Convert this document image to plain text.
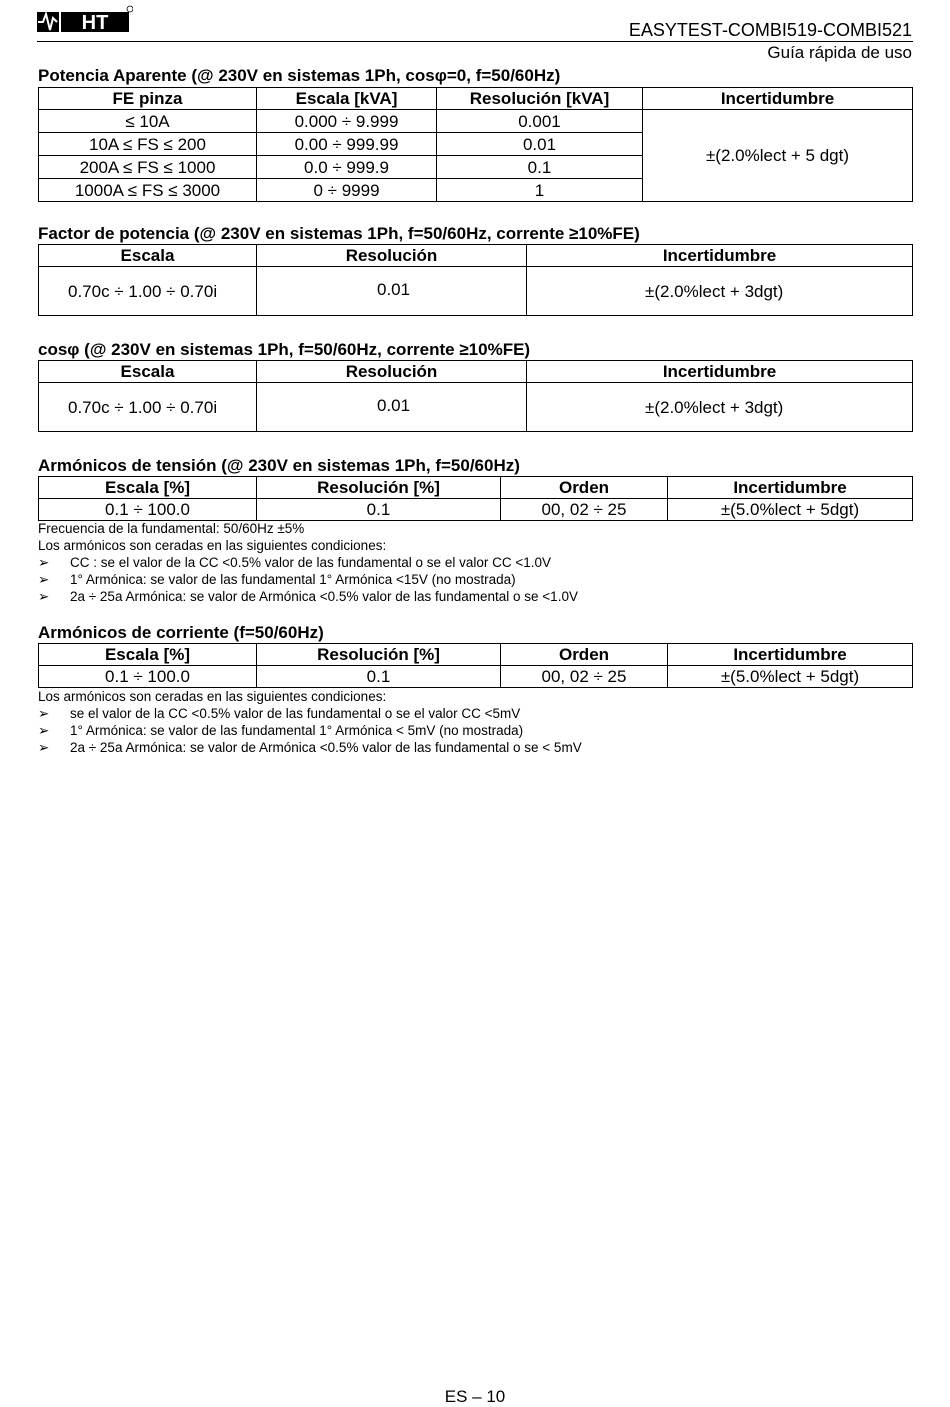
HT	EASYTEST-COMBI519-COMBI521
Guía rápida de uso
Potencia Aparente (@ 230V en sistemas 1Ph, cosφ=0, f=50/60Hz)
FE pinza	Escala [kVA]	Resolución [kVA]	Incertidumbre
≤ 10A	0.000 ÷ 9.999	0.001	±(2.0%lect + 5 dgt)
10A ≤ FS ≤ 200	0.00 ÷ 999.99	0.01	
200A ≤ FS ≤ 1000	0.0 ÷ 999.9	0.1	
1000A ≤ FS ≤ 3000	0 ÷ 9999	1	
Factor de potencia (@ 230V en sistemas 1Ph, f=50/60Hz, corrente ≥10%FE)
Escala	Resolución	Incertidumbre
0.70c ÷ 1.00 ÷ 0.70i	0.01	±(2.0%lect + 3dgt)
cosφ (@ 230V en sistemas 1Ph, f=50/60Hz, corrente ≥10%FE)
Escala	Resolución	Incertidumbre
0.70c ÷ 1.00 ÷ 0.70i	0.01	±(2.0%lect + 3dgt)
Armónicos de tensión (@ 230V en sistemas 1Ph, f=50/60Hz)
Escala [%]	Resolución [%]	Orden	Incertidumbre
0.1 ÷ 100.0	0.1	00, 02 ÷ 25	±(5.0%lect + 5dgt)
Frecuencia de la fundamental: 50/60Hz ±5%
Los armónicos son ceradas en las siguientes condiciones:
➢ CC : se el valor de la CC <0.5% valor de las fundamental o se el valor CC <1.0V
➢ 1° Armónica: se valor de las fundamental 1° Armónica <15V (no mostrada)
➢ 2a ÷ 25a Armónica: se valor de Armónica <0.5% valor de las fundamental o se <1.0V
Armónicos de corriente (f=50/60Hz)
Escala [%]	Resolución [%]	Orden	Incertidumbre
0.1 ÷ 100.0	0.1	00, 02 ÷ 25	±(5.0%lect + 5dgt)
Los armónicos son ceradas en las siguientes condiciones:
➢ se el valor de la CC <0.5% valor de las fundamental o se el valor CC <5mV
➢ 1° Armónica: se valor de las fundamental 1° Armónica < 5mV (no mostrada)
➢ 2a ÷ 25a Armónica: se valor de Armónica <0.5% valor de las fundamental o se < 5mV
ES – 10
